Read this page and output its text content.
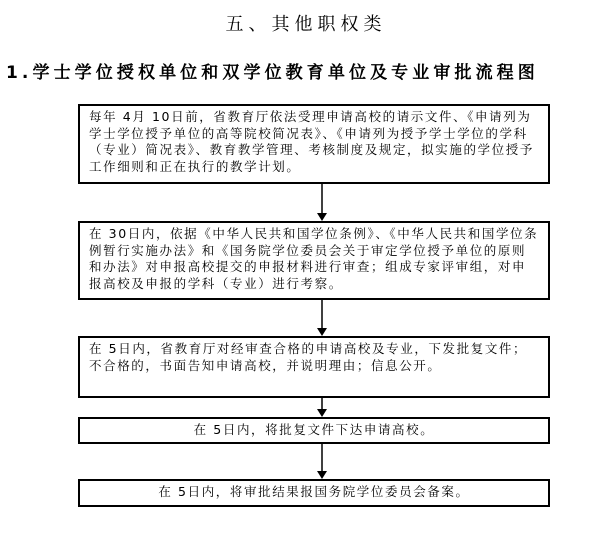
五、其他职权类
1.学士学位授权单位和双学位教育单位及专业审批流程图
每年 4月 10日前，省教育厅依法受理申请高校的请示文件、《申请列为学士学位授予单位的高等院校简况表》、《申请列为授予学士学位的学科（专业）简况表》、教育教学管理、考核制度及规定，拟实施的学位授予工作细则和正在执行的教学计划。
在 30日内，依据《中华人民共和国学位条例》、《中华人民共和国学位条例暂行实施办法》和《国务院学位委员会关于审定学位授予单位的原则和办法》对申报高校提交的申报材料进行审查；组成专家评审组，对申报高校及申报的学科（专业）进行考察。
在 5日内，省教育厅对经审查合格的申请高校及专业，下发批复文件；不合格的，书面告知申请高校，并说明理由；信息公开。
在 5日内，将批复文件下达申请高校。
在 5日内，将审批结果报国务院学位委员会备案。
